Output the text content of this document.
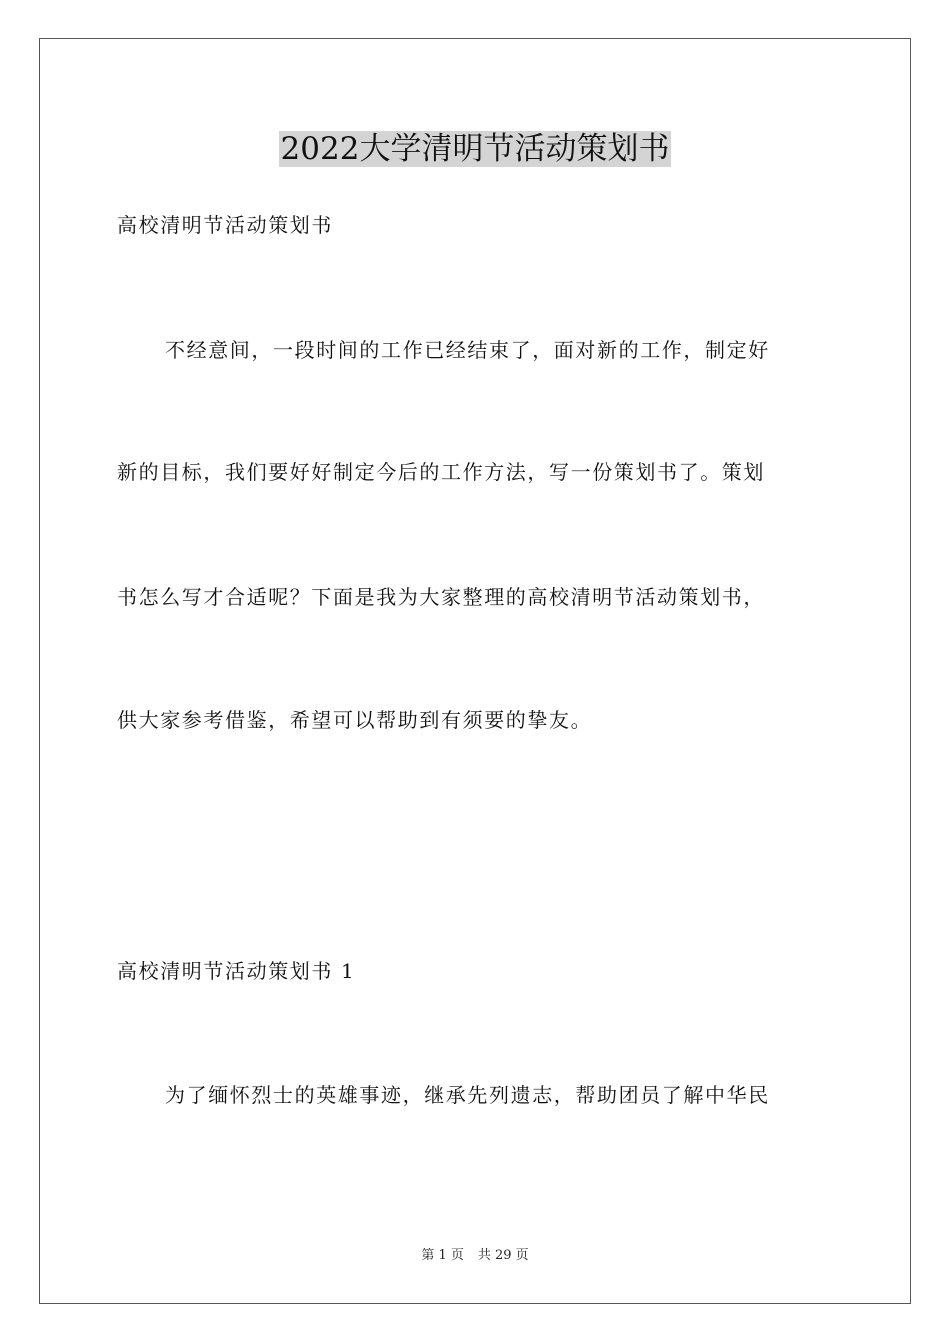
2022大学清明节活动策划书
高校清明节活动策划书
不经意间，一段时间的工作已经结束了，面对新的工作，制定好
新的目标，我们要好好制定今后的工作方法，写一份策划书了。策划
书怎么写才合适呢？下面是我为大家整理的高校清明节活动策划书，
供大家参考借鉴，希望可以帮助到有须要的挚友。
高校清明节活动策划书 1
为了缅怀烈士的英雄事迹，继承先列遗志，帮助团员了解中华民
第 1 页 共 29 页
